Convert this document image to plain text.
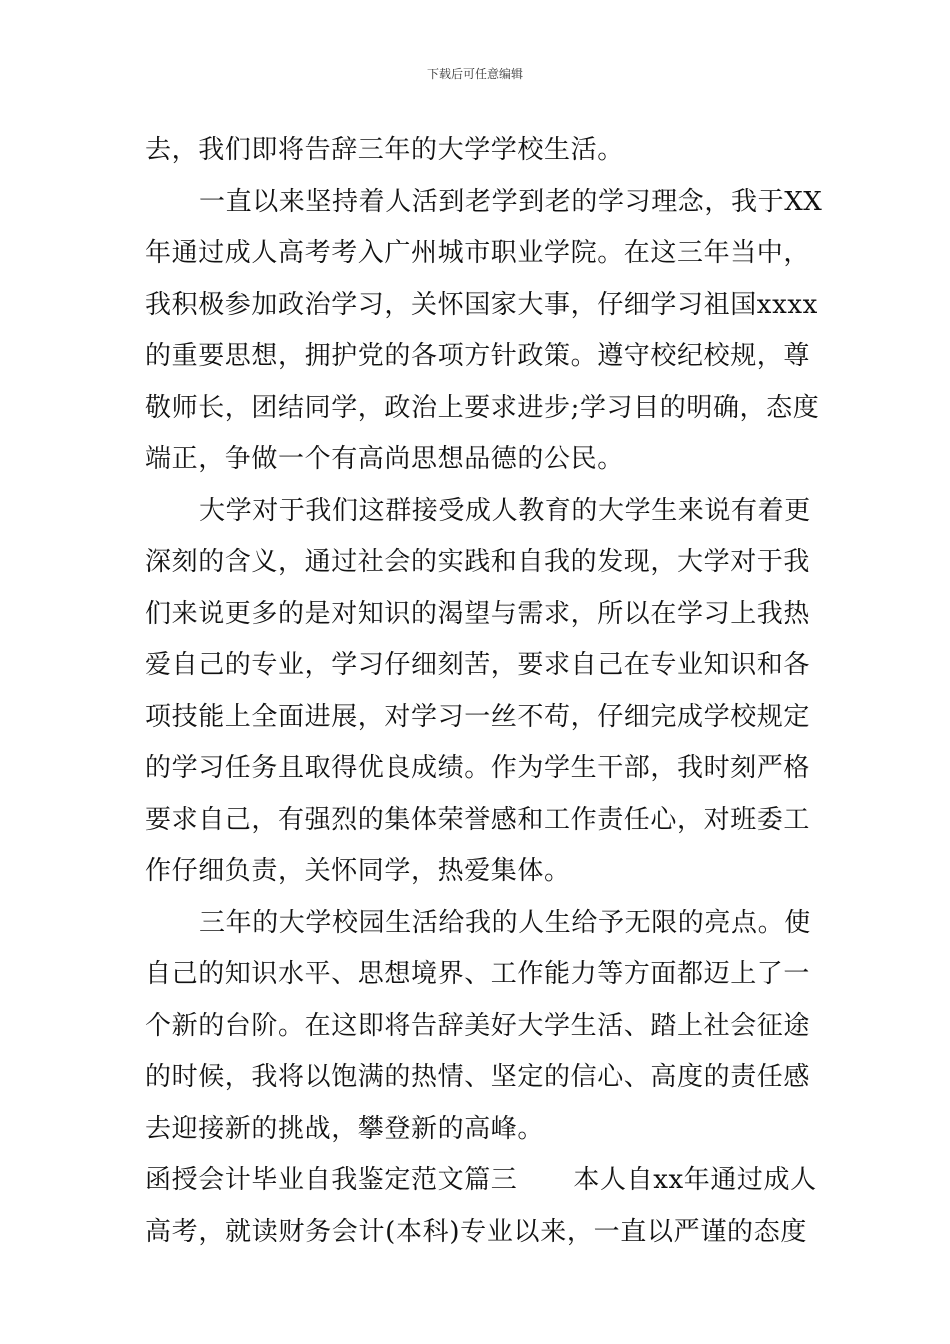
下载后可任意编辑
去，我们即将告辞三年的大学学校生活。
一直以来坚持着人活到老学到老的学习理念，我于XX
年通过成人高考考入广州城市职业学院。在这三年当中，
我积极参加政治学习，关怀国家大事，仔细学习祖国xxxx
的重要思想，拥护党的各项方针政策。遵守校纪校规，尊
敬师长，团结同学，政治上要求进步;学习目的明确，态度
端正，争做一个有高尚思想品德的公民。
大学对于我们这群接受成人教育的大学生来说有着更
深刻的含义，通过社会的实践和自我的发现，大学对于我
们来说更多的是对知识的渴望与需求，所以在学习上我热
爱自己的专业，学习仔细刻苦，要求自己在专业知识和各
项技能上全面进展，对学习一丝不苟，仔细完成学校规定
的学习任务且取得优良成绩。作为学生干部，我时刻严格
要求自己，有强烈的集体荣誉感和工作责任心，对班委工
作仔细负责，关怀同学，热爱集体。
三年的大学校园生活给我的人生给予无限的亮点。使
自己的知识水平、思想境界、工作能力等方面都迈上了一
个新的台阶。在这即将告辞美好大学生活、踏上社会征途
的时候，我将以饱满的热情、坚定的信心、高度的责任感
去迎接新的挑战，攀登新的高峰。
函授会计毕业自我鉴定范文篇三 本人自xx年通过成人
高考，就读财务会计(本科)专业以来，一直以严谨的态度
